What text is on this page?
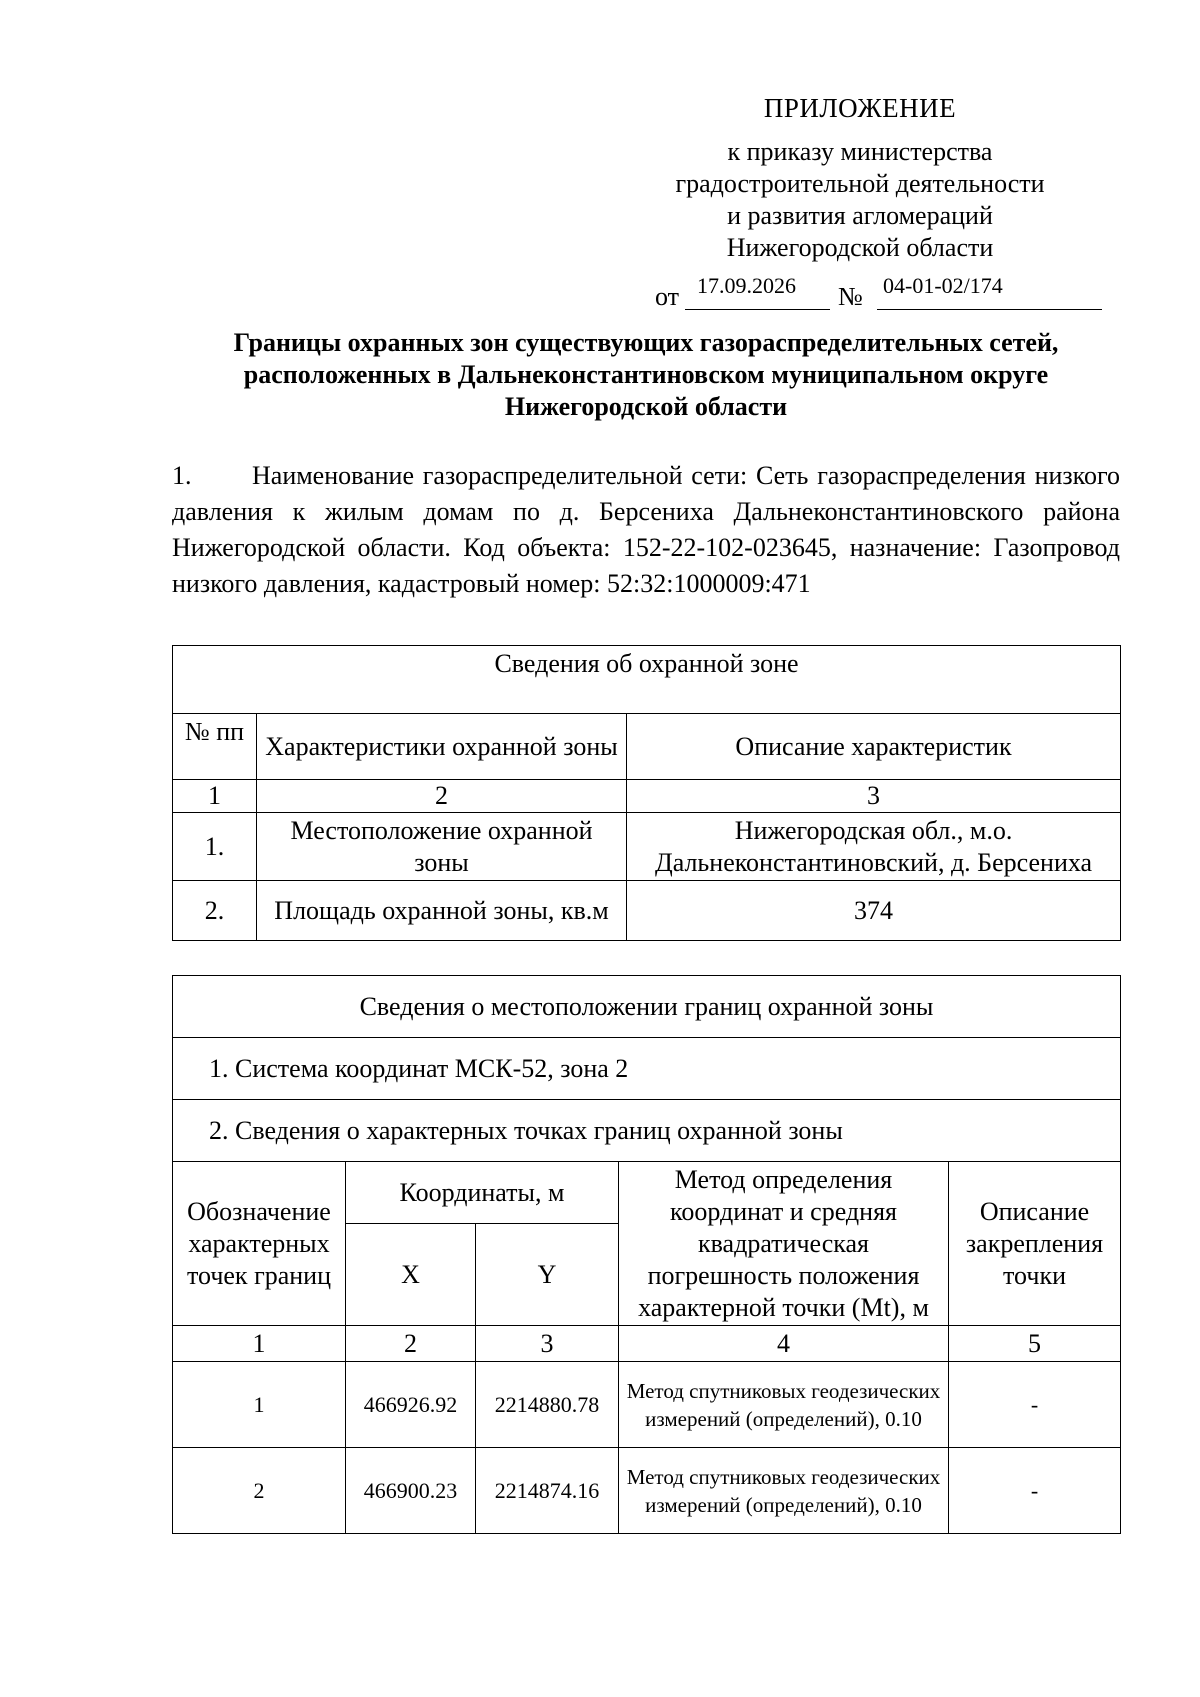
ПРИЛОЖЕНИЕ
к приказу министерства
градостроительной деятельности
и развития агломераций
Нижегородской области
от 17.09.2026 № 04-01-02/174
Границы охранных зон существующих газораспределительных сетей,
расположенных в Дальнеконстантиновском муниципальном округе
Нижегородской области
1. Наименование газораспределительной сети: Сеть газораспределения низкого давления к жилым домам по д. Берсениха Дальнеконстантиновского района Нижегородской области. Код объекта: 152-22-102-023645, назначение: Газопровод низкого давления, кадастровый номер: 52:32:1000009:471
Сведения об охранной зоне		
№ пп	Характеристики охранной зоны	Описание характеристик
1	2	3
1.	Местоположение охранной зоны	Нижегородская обл., м.о. Дальнеконстантиновский, д. Берсениха
2.	Площадь охранной зоны, кв.м	374
Сведения о местоположении границ охранной зоны				
1. Система координат МСК-52, зона 2				
2. Сведения о характерных точках границ охранной зоны				
Обозначение характерных точек границ	Координаты, м		Метод определения координат и средняя квадратическая погрешность положения характерной точки (Mt), м	Описание закрепления точки
	X	Y		
1	2	3	4	5
1	466926.92	2214880.78	Метод спутниковых геодезических измерений (определений), 0.10	-
2	466900.23	2214874.16	Метод спутниковых геодезических измерений (определений), 0.10	-
